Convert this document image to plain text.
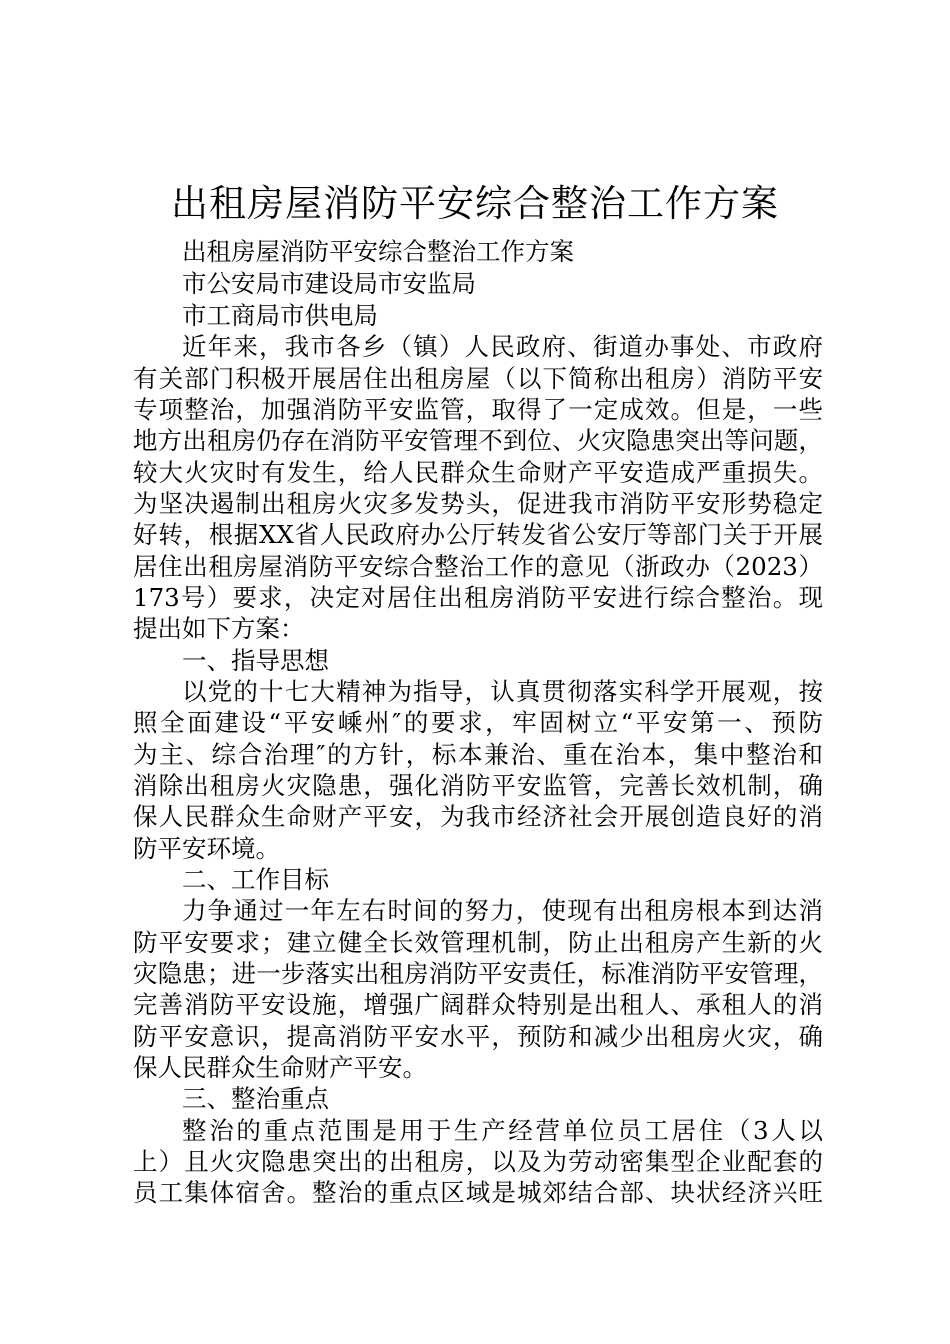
出租房屋消防平安综合整治工作方案
出租房屋消防平安综合整治工作方案
市公安局市建设局市安监局
市工商局市供电局
近年来，我市各乡（镇）人民政府、街道办事处、市政府
有关部门积极开展居住出租房屋（以下简称出租房）消防平安
专项整治，加强消防平安监管，取得了一定成效。但是，一些
地方出租房仍存在消防平安管理不到位、火灾隐患突出等问题，
较大火灾时有发生，给人民群众生命财产平安造成严重损失。
为坚决遏制出租房火灾多发势头，促进我市消防平安形势稳定
好转，根据XX省人民政府办公厅转发省公安厅等部门关于开展
居住出租房屋消防平安综合整治工作的意见（浙政办（2023）
173号）要求，决定对居住出租房消防平安进行综合整治。现
提出如下方案：
一、指导思想
以党的十七大精神为指导，认真贯彻落实科学开展观，按
照全面建设“平安嵊州″的要求，牢固树立“平安第一、预防
为主、综合治理″的方针，标本兼治、重在治本，集中整治和
消除出租房火灾隐患，强化消防平安监管，完善长效机制，确
保人民群众生命财产平安，为我市经济社会开展创造良好的消
防平安环境。
二、工作目标
力争通过一年左右时间的努力，使现有出租房根本到达消
防平安要求；建立健全长效管理机制，防止出租房产生新的火
灾隐患；进一步落实出租房消防平安责任，标准消防平安管理，
完善消防平安设施，增强广阔群众特别是出租人、承租人的消
防平安意识，提高消防平安水平，预防和减少出租房火灾，确
保人民群众生命财产平安。
三、整治重点
整治的重点范围是用于生产经营单位员工居住（3人以
上）且火灾隐患突出的出租房，以及为劳动密集型企业配套的
员工集体宿舍。整治的重点区域是城郊结合部、块状经济兴旺
